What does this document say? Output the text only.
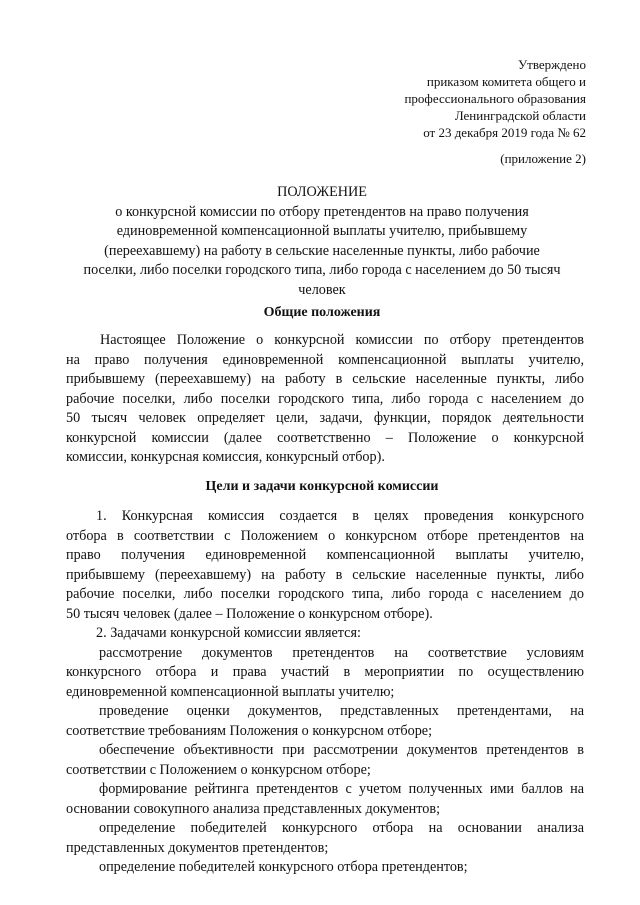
Утверждено
приказом комитета общего и
профессионального образования
Ленинградской области
от 23 декабря 2019 года № 62
(приложение 2)
ПОЛОЖЕНИЕ
о конкурсной комиссии по отбору претендентов на право получения
единовременной компенсационной выплаты учителю, прибывшему
(переехавшему) на работу в сельские населенные пункты, либо рабочие
поселки, либо поселки городского типа, либо города с населением до 50 тысяч
человек
Общие положения
Настоящее Положение о конкурсной комиссии по отбору претендентов
на право получения единовременной компенсационной выплаты учителю,
прибывшему (переехавшему) на работу в сельские населенные пункты, либо
рабочие поселки, либо поселки городского типа, либо города с населением до
50 тысяч человек определяет цели, задачи, функции, порядок деятельности
конкурсной комиссии (далее соответственно – Положение о конкурсной
комиссии, конкурсная комиссия, конкурсный отбор).
Цели и задачи конкурсной комиссии
1. Конкурсная комиссия создается в целях проведения конкурсного
отбора в соответствии с Положением о конкурсном отборе претендентов на
право получения единовременной компенсационной выплаты учителю,
прибывшему (переехавшему) на работу в сельские населенные пункты, либо
рабочие поселки, либо поселки городского типа, либо города с населением до
50 тысяч человек (далее – Положение о конкурсном отборе).
2. Задачами конкурсной комиссии является:
рассмотрение документов претендентов на соответствие условиям
конкурсного отбора и права участий в мероприятии по осуществлению
единовременной компенсационной выплаты учителю;
проведение оценки документов, представленных претендентами, на
соответствие требованиям Положения о конкурсном отборе;
обеспечение объективности при рассмотрении документов претендентов в
соответствии с Положением о конкурсном отборе;
формирование рейтинга претендентов с учетом полученных ими баллов на
основании совокупного анализа представленных документов;
определение победителей конкурсного отбора на основании анализа
представленных документов претендентов;
определение победителей конкурсного отбора претендентов;
